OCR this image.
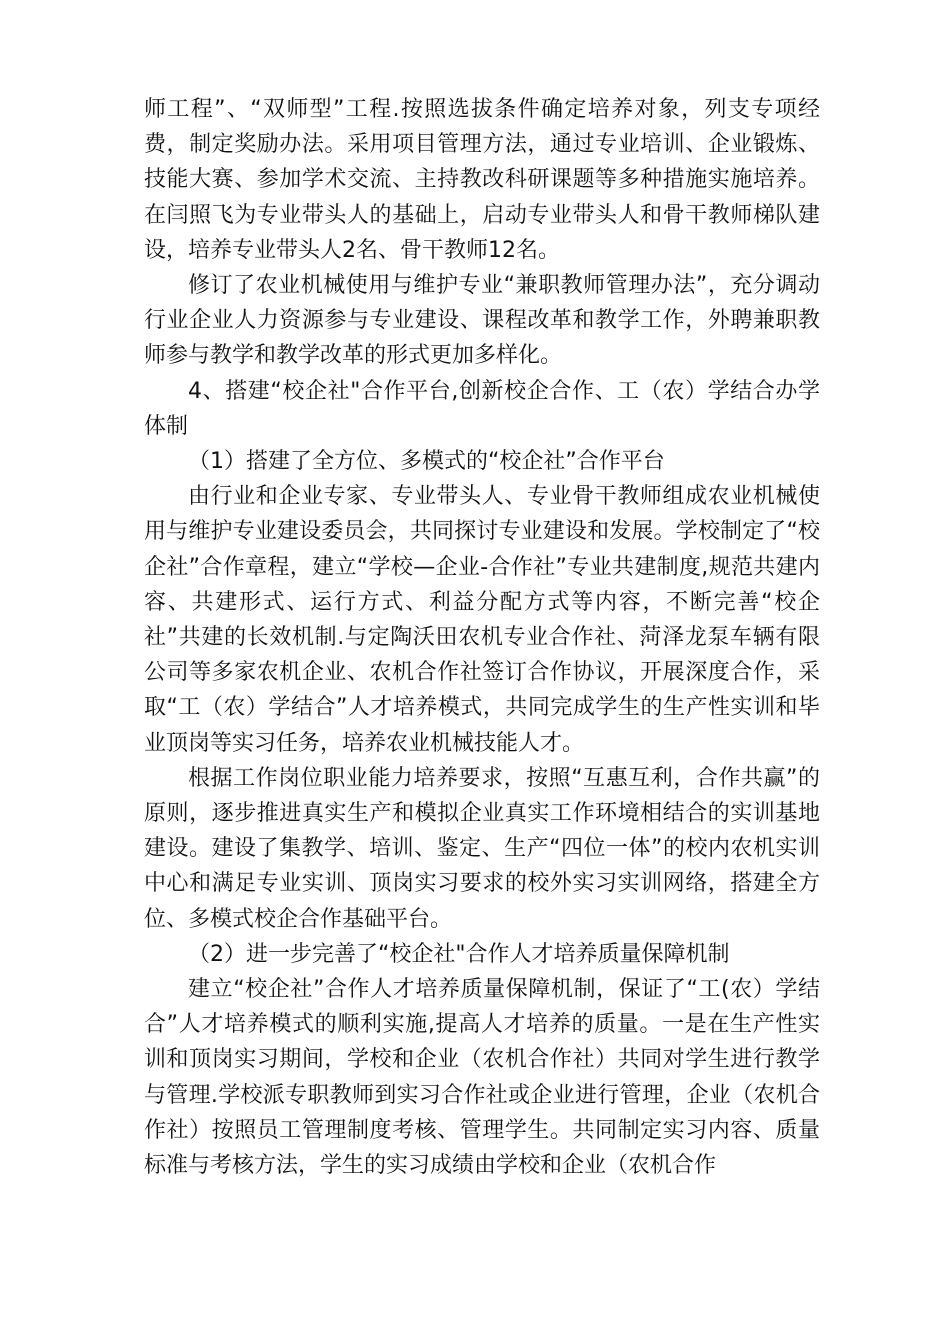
师工程”、“双师型”工程.按照选拔条件确定培养对象，列支专项经费，制定奖励办法。采用项目管理方法，通过专业培训、企业锻炼、技能大赛、参加学术交流、主持教改科研课题等多种措施实施培养。在闫照飞为专业带头人的基础上，启动专业带头人和骨干教师梯队建设，培养专业带头人2名、骨干教师12名。

修订了农业机械使用与维护专业“兼职教师管理办法”，充分调动行业企业人力资源参与专业建设、课程改革和教学工作，外聘兼职教师参与教学和教学改革的形式更加多样化。

4、搭建“校企社"合作平台,创新校企合作、工（农）学结合办学体制

（1）搭建了全方位、多模式的“校企社”合作平台

由行业和企业专家、专业带头人、专业骨干教师组成农业机械使用与维护专业建设委员会，共同探讨专业建设和发展。学校制定了“校企社”合作章程，建立“学校—企业-合作社”专业共建制度,规范共建内容、共建形式、运行方式、利益分配方式等内容，不断完善“校企社”共建的长效机制.与定陶沃田农机专业合作社、菏泽龙泵车辆有限公司等多家农机企业、农机合作社签订合作协议，开展深度合作，采取“工（农）学结合”人才培养模式，共同完成学生的生产性实训和毕业顶岗等实习任务，培养农业机械技能人才。

根据工作岗位职业能力培养要求，按照“互惠互利，合作共赢”的原则，逐步推进真实生产和模拟企业真实工作环境相结合的实训基地建设。建设了集教学、培训、鉴定、生产“四位一体”的校内农机实训中心和满足专业实训、顶岗实习要求的校外实习实训网络，搭建全方位、多模式校企合作基础平台。

（2）进一步完善了“校企社"合作人才培养质量保障机制

建立“校企社”合作人才培养质量保障机制，保证了“工(农）学结合”人才培养模式的顺利实施,提高人才培养的质量。一是在生产性实训和顶岗实习期间，学校和企业（农机合作社）共同对学生进行教学与管理.学校派专职教师到实习合作社或企业进行管理，企业（农机合作社）按照员工管理制度考核、管理学生。共同制定实习内容、质量标准与考核方法，学生的实习成绩由学校和企业（农机合作
